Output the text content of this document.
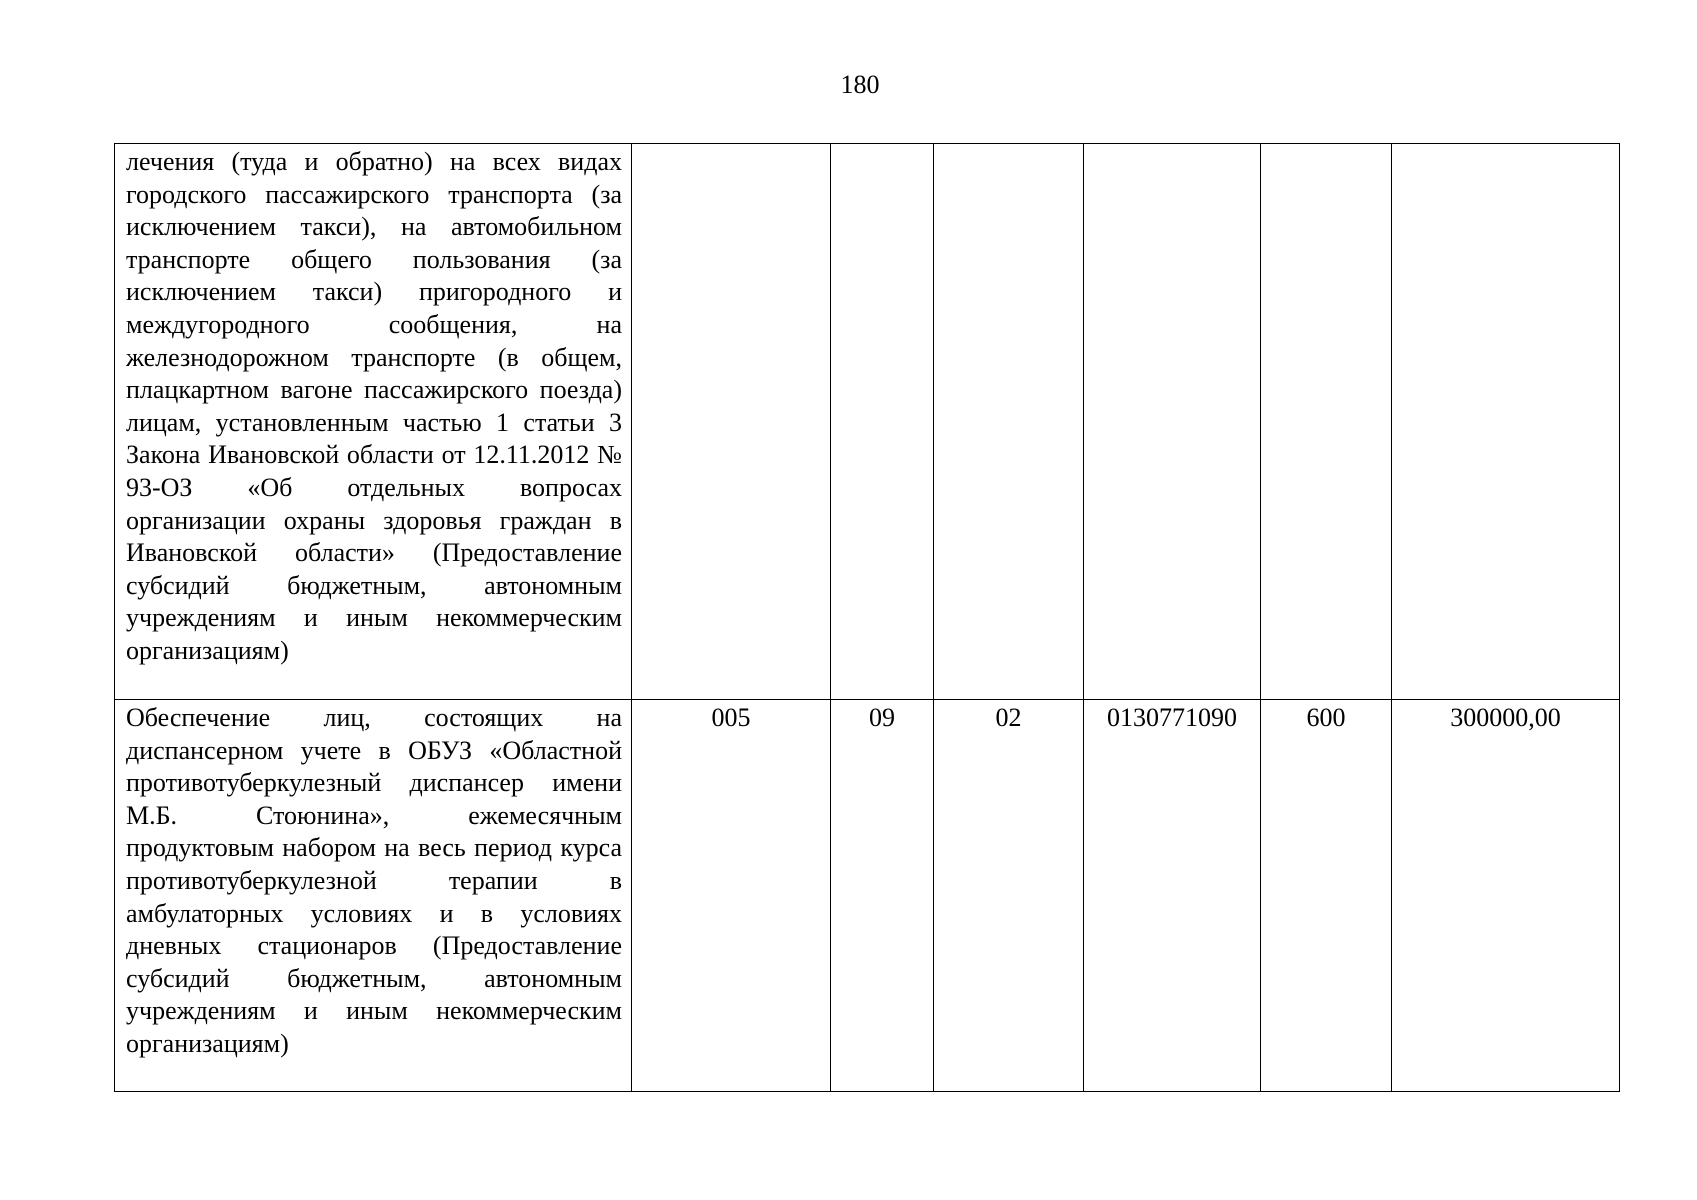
180
лечения (туда и обратно) на всех видах городского пассажирского транспорта (за исключением такси), на автомобильном транспорте общего пользования (за исключением такси) пригородного и междугородного сообщения, на железнодорожном транспорте (в общем, плацкартном вагоне пассажирского поезда) лицам, установленным частью 1 статьи 3 Закона Ивановской области от 12.11.2012 № 93-ОЗ «Об отдельных вопросах организации охраны здоровья граждан в Ивановской области» (Предоставление субсидий бюджетным, автономным учреждениям и иным некоммерческим организациям)						
Обеспечение лиц, состоящих на диспансерном учете в ОБУЗ «Областной противотуберкулезный диспансер имени М.Б. Стоюнина», ежемесячным продуктовым набором на весь период курса противотуберкулезной терапии в амбулаторных условиях и в условиях дневных стационаров (Предоставление субсидий бюджетным, автономным учреждениям и иным некоммерческим организациям)	005	09	02	0130771090	600	300000,00
